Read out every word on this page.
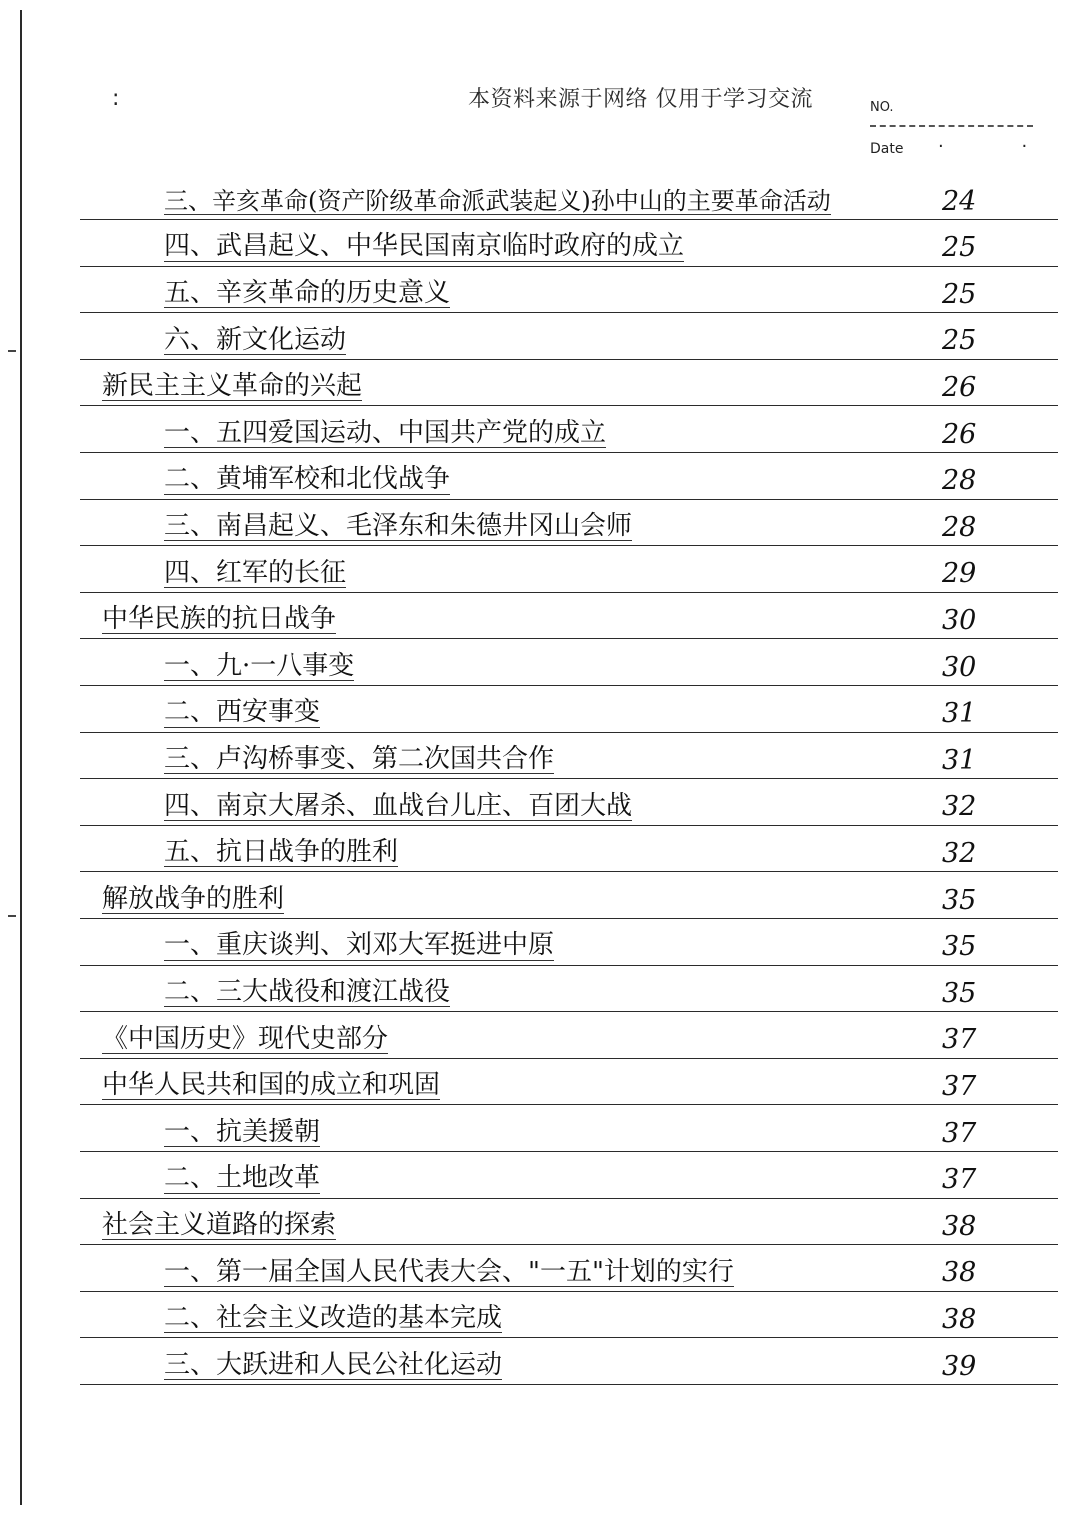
:	本资料来源于网络 仅用于学习交流	NO.
Date · ·
三、辛亥革命(资产阶级革命派武装起义)孙中山的主要革命活动	24
四、武昌起义、中华民国南京临时政府的成立	25
五、辛亥革命的历史意义	25
六、新文化运动	25
新民主主义革命的兴起	26
一、五四爱国运动、中国共产党的成立	26
二、黄埔军校和北伐战争	28
三、南昌起义、毛泽东和朱德井冈山会师	28
四、红军的长征	29
中华民族的抗日战争	30
一、九·一八事变	30
二、西安事变	31
三、卢沟桥事变、第二次国共合作	31
四、南京大屠杀、血战台儿庄、百团大战	32
五、抗日战争的胜利	32
解放战争的胜利	35
一、重庆谈判、刘邓大军挺进中原	35
二、三大战役和渡江战役	35
《中国历史》现代史部分	37
中华人民共和国的成立和巩固	37
一、抗美援朝	37
二、土地改革	37
社会主义道路的探索	38
一、第一届全国人民代表大会、"一五"计划的实行	38
二、社会主义改造的基本完成	38
三、大跃进和人民公社化运动	39
